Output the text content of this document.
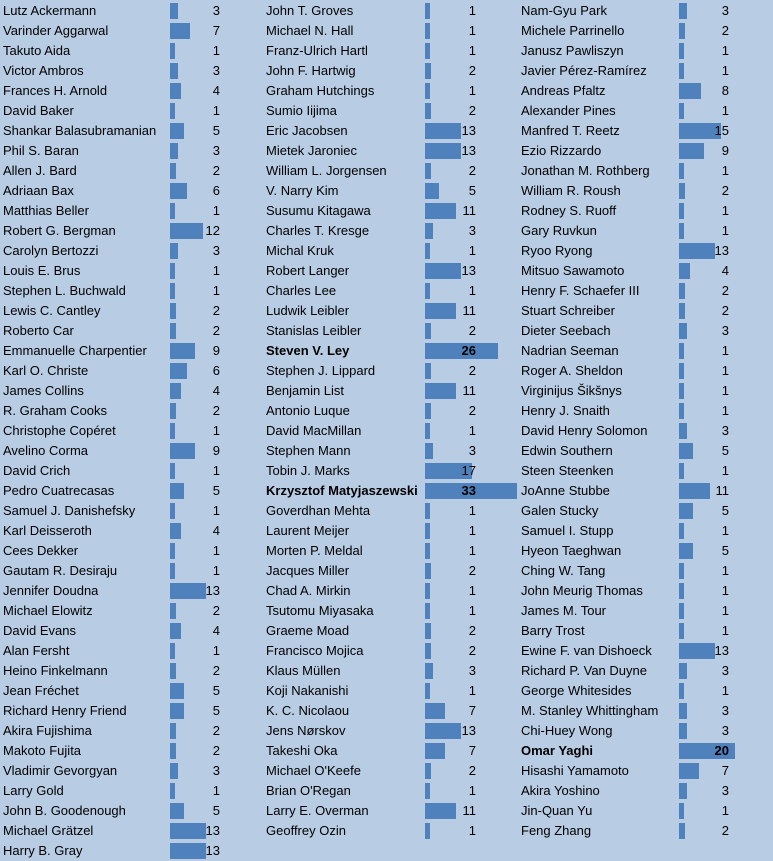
Lutz Ackermann	3
Varinder Aggarwal	7
Takuto Aida	1
Victor Ambros	3
Frances H. Arnold	4
David Baker	1
Shankar Balasubramanian	5
Phil S. Baran	3
Allen J. Bard	2
Adriaan Bax	6
Matthias Beller	1
Robert G. Bergman	12
Carolyn Bertozzi	3
Louis E. Brus	1
Stephen L. Buchwald	1
Lewis C. Cantley	2
Roberto Car	2
Emmanuelle Charpentier	9
Karl O. Christe	6
James Collins	4
R. Graham Cooks	2
Christophe Copéret	1
Avelino Corma	9
David Crich	1
Pedro Cuatrecasas	5
Samuel J. Danishefsky	1
Karl Deisseroth	4
Cees Dekker	1
Gautam R. Desiraju	1
Jennifer Doudna	13
Michael Elowitz	2
David Evans	4
Alan Fersht	1
Heino Finkelmann	2
Jean Fréchet	5
Richard Henry Friend	5
Akira Fujishima	2
Makoto Fujita	2
Vladimir Gevorgyan	3
Larry Gold	1
John B. Goodenough	5
Michael Grätzel	13
Harry B. Gray	13
John T. Groves	1
Michael N. Hall	1
Franz-Ulrich Hartl	1
John F. Hartwig	2
Graham Hutchings	1
Sumio Iijima	2
Eric Jacobsen	13
Mietek Jaroniec	13
William L. Jorgensen	2
V. Narry Kim	5
Susumu Kitagawa	11
Charles T. Kresge	3
Michal Kruk	1
Robert Langer	13
Charles Lee	1
Ludwik Leibler	11
Stanislas Leibler	2
Steven V. Ley	26
Stephen J. Lippard	2
Benjamin List	11
Antonio Luque	2
David MacMillan	1
Stephen Mann	3
Tobin J. Marks	17
Krzysztof Matyjaszewski	33
Goverdhan Mehta	1
Laurent Meijer	1
Morten P. Meldal	1
Jacques Miller	2
Chad A. Mirkin	1
Tsutomu Miyasaka	1
Graeme Moad	2
Francisco Mojica	2
Klaus Müllen	3
Koji Nakanishi	1
K. C. Nicolaou	7
Jens Nørskov	13
Takeshi Oka	7
Michael O'Keefe	2
Brian O'Regan	1
Larry E. Overman	11
Geoffrey Ozin	1
Nam-Gyu Park	3
Michele Parrinello	2
Janusz Pawliszyn	1
Javier Pérez-Ramírez	1
Andreas Pfaltz	8
Alexander Pines	1
Manfred T. Reetz	15
Ezio Rizzardo	9
Jonathan M. Rothberg	1
William R. Roush	2
Rodney S. Ruoff	1
Gary Ruvkun	1
Ryoo Ryong	13
Mitsuo Sawamoto	4
Henry F. Schaefer III	2
Stuart Schreiber	2
Dieter Seebach	3
Nadrian Seeman	1
Roger A. Sheldon	1
Virginijus Šikšnys	1
Henry J. Snaith	1
David Henry Solomon	3
Edwin Southern	5
Steen Steenken	1
JoAnne Stubbe	11
Galen Stucky	5
Samuel I. Stupp	1
Hyeon Taeghwan	5
Ching W. Tang	1
John Meurig Thomas	1
James M. Tour	1
Barry Trost	1
Ewine F. van Dishoeck	13
Richard P. Van Duyne	3
George Whitesides	1
M. Stanley Whittingham	3
Chi-Huey Wong	3
Omar Yaghi	20
Hisashi Yamamoto	7
Akira Yoshino	3
Jin-Quan Yu	1
Feng Zhang	2
